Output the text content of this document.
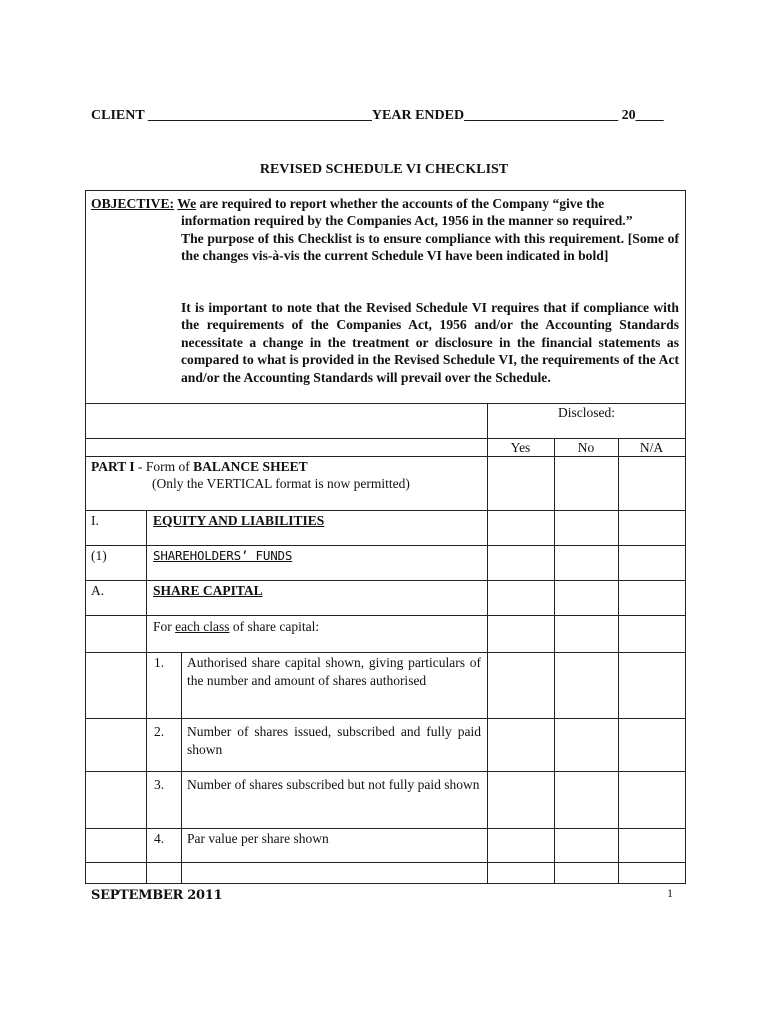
CLIENT ________________________________YEAR ENDED______________________ 20____
REVISED SCHEDULE VI CHECKLIST
OBJECTIVE: We are required to report whether the accounts of the Company “give the
information required by the Companies Act, 1956 in the manner so required.”
The purpose of this Checklist is to ensure compliance with this requirement. [Some of the changes vis-à-vis the current Schedule VI have been indicated in bold]
It is important to note that the Revised Schedule VI requires that if compliance with the requirements of the Companies Act, 1956 and/or the Accounting Standards necessitate a change in the treatment or disclosure in the financial statements as compared to what is provided in the Revised Schedule VI, the requirements of the Act and/or the Accounting Standards will prevail over the Schedule.
Disclosed:
Yes	No	N/A
PART I - Form of BALANCE SHEET
(Only the VERTICAL format is now permitted)
I.	EQUITY AND LIABILITIES
(1)	SHAREHOLDERS’ FUNDS
A.	SHARE CAPITAL
For each class of share capital:
1. Authorised share capital shown, giving particulars of the number and amount of shares authorised
2. Number of shares issued, subscribed and fully paid shown
3. Number of shares subscribed but not fully paid shown
4. Par value per share shown
SEPTEMBER 2011	1
